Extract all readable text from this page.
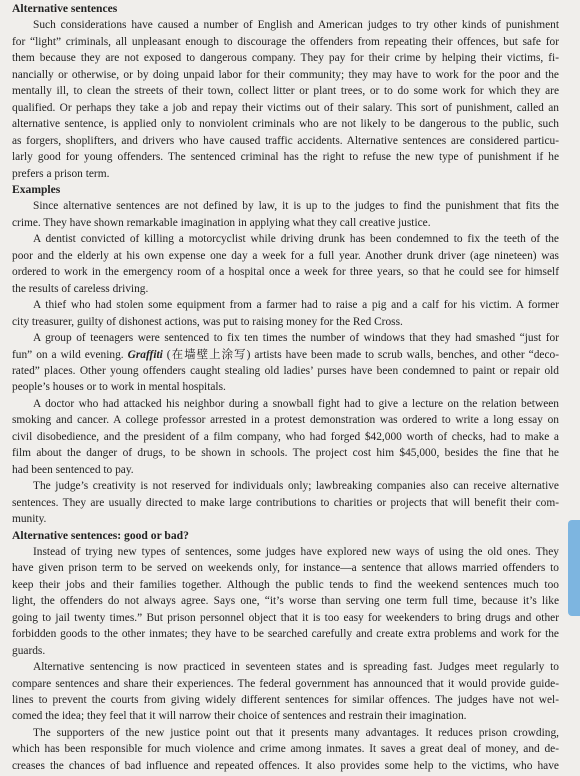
Alternative sentences
Such considerations have caused a number of English and American judges to try other kinds of punishment
for “light” criminals, all unpleasant enough to discourage the offenders from repeating their offences, but safe for
them because they are not exposed to dangerous company. They pay for their crime by helping their victims, fi-
nancially or otherwise, or by doing unpaid labor for their community; they may have to work for the poor and the
mentally ill, to clean the streets of their town, collect litter or plant trees, or to do some work for which they are
qualified. Or perhaps they take a job and repay their victims out of their salary. This sort of punishment, called an
alternative sentence, is applied only to nonviolent criminals who are not likely to be dangerous to the public, such
as forgers, shoplifters, and drivers who have caused traffic accidents. Alternative sentences are considered particu-
larly good for young offenders. The sentenced criminal has the right to refuse the new type of punishment if he
prefers a prison term.
Examples
Since alternative sentences are not defined by law, it is up to the judges to find the punishment that fits the
crime. They have shown remarkable imagination in applying what they call creative justice.
A dentist convicted of killing a motorcyclist while driving drunk has been condemned to fix the teeth of the
poor and the elderly at his own expense one day a week for a full year. Another drunk driver (age nineteen) was
ordered to work in the emergency room of a hospital once a week for three years, so that he could see for himself
the results of careless driving.
A thief who had stolen some equipment from a farmer had to raise a pig and a calf for his victim. A former
city treasurer, guilty of dishonest actions, was put to raising money for the Red Cross.
A group of teenagers were sentenced to fix ten times the number of windows that they had smashed “just for
fun” on a wild evening. Graffiti (在墙壁上涂写) artists have been made to scrub walls, benches, and other “deco-
rated” places. Other young offenders caught stealing old ladies’ purses have been condemned to paint or repair old
people’s houses or to work in mental hospitals.
A doctor who had attacked his neighbor during a snowball fight had to give a lecture on the relation between
smoking and cancer. A college professor arrested in a protest demonstration was ordered to write a long essay on
civil disobedience, and the president of a film company, who had forged $42,000 worth of checks, had to make a
film about the danger of drugs, to be shown in schools. The project cost him $45,000, besides the fine that he
had been sentenced to pay.
The judge’s creativity is not reserved for individuals only; lawbreaking companies also can receive alternative
sentences. They are usually directed to make large contributions to charities or projects that will benefit their com-
munity.
Alternative sentences: good or bad?
Instead of trying new types of sentences, some judges have explored new ways of using the old ones. They
have given prison term to be served on weekends only, for instance—a sentence that allows married offenders to
keep their jobs and their families together. Although the public tends to find the weekend sentences much too
light, the offenders do not always agree. Says one, “it’s worse than serving one term full time, because it’s like
going to jail twenty times.” But prison personnel object that it is too easy for weekenders to bring drugs and other
forbidden goods to the other inmates; they have to be searched carefully and create extra problems and work for the
guards.
Alternative sentencing is now practiced in seventeen states and is spreading fast. Judges meet regularly to
compare sentences and share their experiences. The federal government has announced that it would provide guide-
lines to prevent the courts from giving widely different sentences for similar offences. The judges have not wel-
comed the idea; they feel that it will narrow their choice of sentences and restrain their imagination.
The supporters of the new justice point out that it presents many advantages. It reduces prison crowding,
which has been responsible for much violence and crime among inmates. It saves a great deal of money, and de-
creases the chances of bad influence and repeated offences. It also provides some help to the victims, who have
